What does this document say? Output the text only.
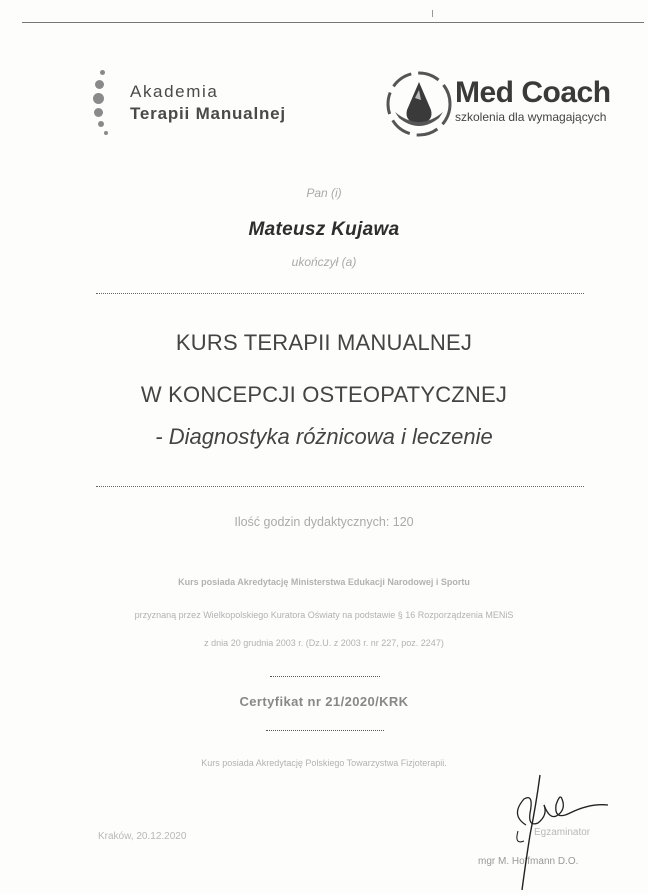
Akademia
Terapii Manualnej
Med Coach
szkolenia dla wymagających
Pan (i)
Mateusz Kujawa
ukończył (a)
KURS TERAPII MANUALNEJ
W KONCEPCJI OSTEOPATYCZNEJ
- Diagnostyka różnicowa i leczenie
Ilość godzin dydaktycznych: 120
Kurs posiada Akredytację Ministerstwa Edukacji Narodowej i Sportu
przyznaną przez Wielkopolskiego Kuratora Oświaty na podstawie § 16 Rozporządzenia MENiS
z dnia 20 grudnia 2003 r. (Dz.U. z 2003 r. nr 227, poz. 2247)
Certyfikat nr 21/2020/KRK
Kurs posiada Akredytację Polskiego Towarzystwa Fizjoterapii.
Kraków, 20.12.2020	Egzaminator
mgr M. Hoffmann D.O.
